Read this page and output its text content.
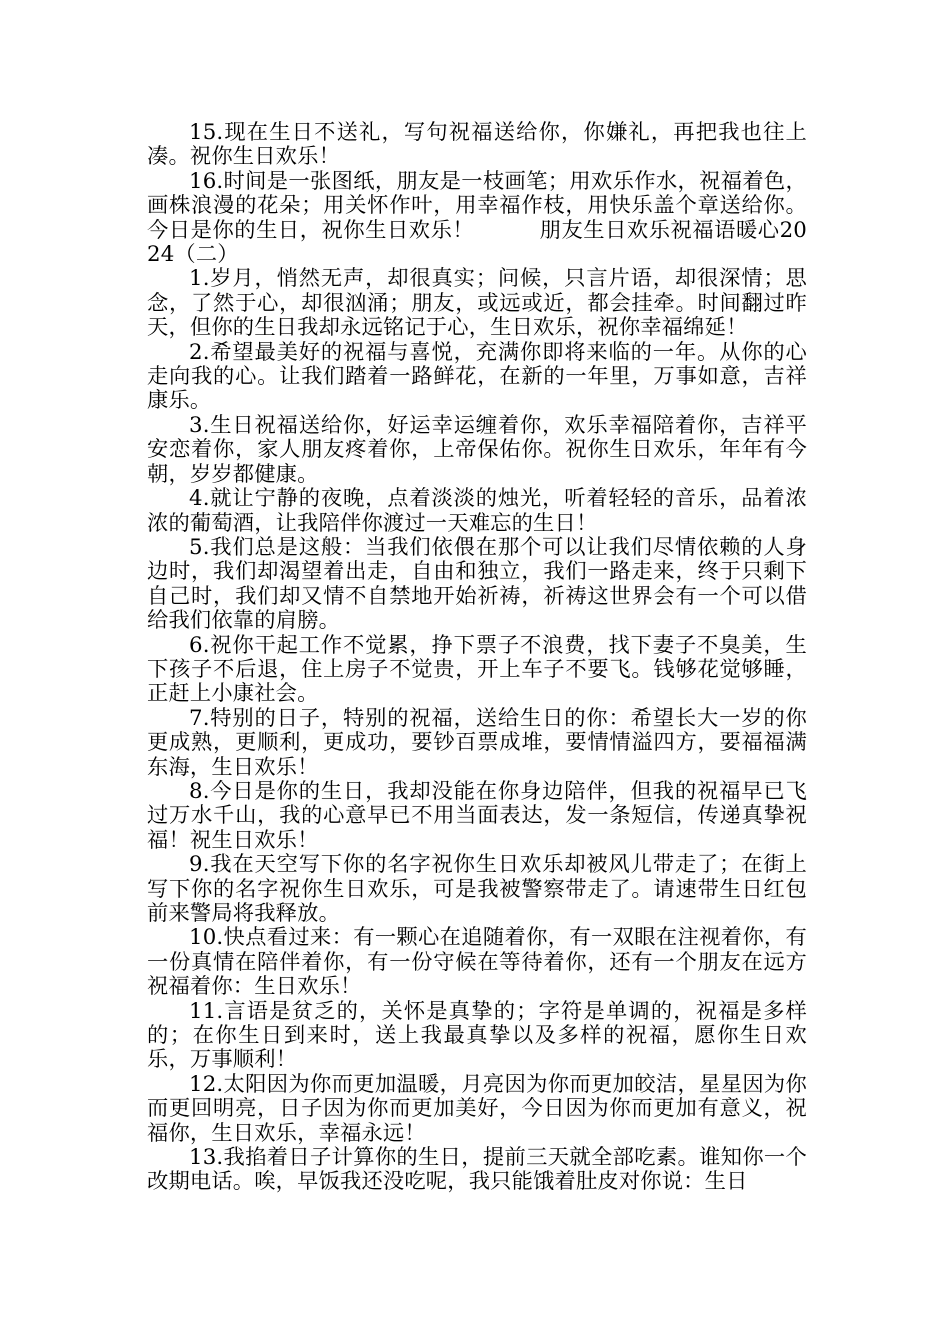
15.现在生日不送礼，写句祝福送给你，你嫌礼，再把我也往上凑。祝你生日欢乐！

16.时间是一张图纸，朋友是一枝画笔；用欢乐作水，祝福着色，画株浪漫的花朵；用关怀作叶，用幸福作枝，用快乐盖个章送给你。今日是你的生日，祝你生日欢乐！　　　朋友生日欢乐祝福语暖心2024（二）

1.岁月，悄然无声，却很真实；问候，只言片语，却很深情；思念，了然于心，却很汹涌；朋友，或远或近，都会挂牵。时间翻过昨天，但你的生日我却永远铭记于心，生日欢乐，祝你幸福绵延！

2.希望最美好的祝福与喜悦，充满你即将来临的一年。从你的心走向我的心。让我们踏着一路鲜花，在新的一年里，万事如意，吉祥康乐。

3.生日祝福送给你，好运幸运缠着你，欢乐幸福陪着你，吉祥平安恋着你，家人朋友疼着你，上帝保佑你。祝你生日欢乐，年年有今朝，岁岁都健康。

4.就让宁静的夜晚，点着淡淡的烛光，听着轻轻的音乐，品着浓浓的葡萄酒，让我陪伴你渡过一天难忘的生日！

5.我们总是这般：当我们依偎在那个可以让我们尽情依赖的人身边时，我们却渴望着出走，自由和独立，我们一路走来，终于只剩下自己时，我们却又情不自禁地开始祈祷，祈祷这世界会有一个可以借给我们依靠的肩膀。

6.祝你干起工作不觉累，挣下票子不浪费，找下妻子不臭美，生下孩子不后退，住上房子不觉贵，开上车子不要飞。钱够花觉够睡，正赶上小康社会。

7.特别的日子，特别的祝福，送给生日的你：希望长大一岁的你更成熟，更顺利，更成功，要钞百票成堆，要情情溢四方，要福福满东海，生日欢乐！

8.今日是你的生日，我却没能在你身边陪伴，但我的祝福早已飞过万水千山，我的心意早已不用当面表达，发一条短信，传递真挚祝福！祝生日欢乐！

9.我在天空写下你的名字祝你生日欢乐却被风儿带走了；在街上写下你的名字祝你生日欢乐，可是我被警察带走了。请速带生日红包前来警局将我释放。

10.快点看过来：有一颗心在追随着你，有一双眼在注视着你，有一份真情在陪伴着你，有一份守候在等待着你，还有一个朋友在远方祝福着你：生日欢乐！

11.言语是贫乏的，关怀是真挚的；字符是单调的，祝福是多样的；在你生日到来时，送上我最真挚以及多样的祝福，愿你生日欢乐，万事顺利！

12.太阳因为你而更加温暖，月亮因为你而更加皎洁，星星因为你而更回明亮，日子因为你而更加美好，今日因为你而更加有意义，祝福你，生日欢乐，幸福永远！

13.我掐着日子计算你的生日，提前三天就全部吃素。谁知你一个改期电话。唉，早饭我还没吃呢，我只能饿着肚皮对你说：生日
